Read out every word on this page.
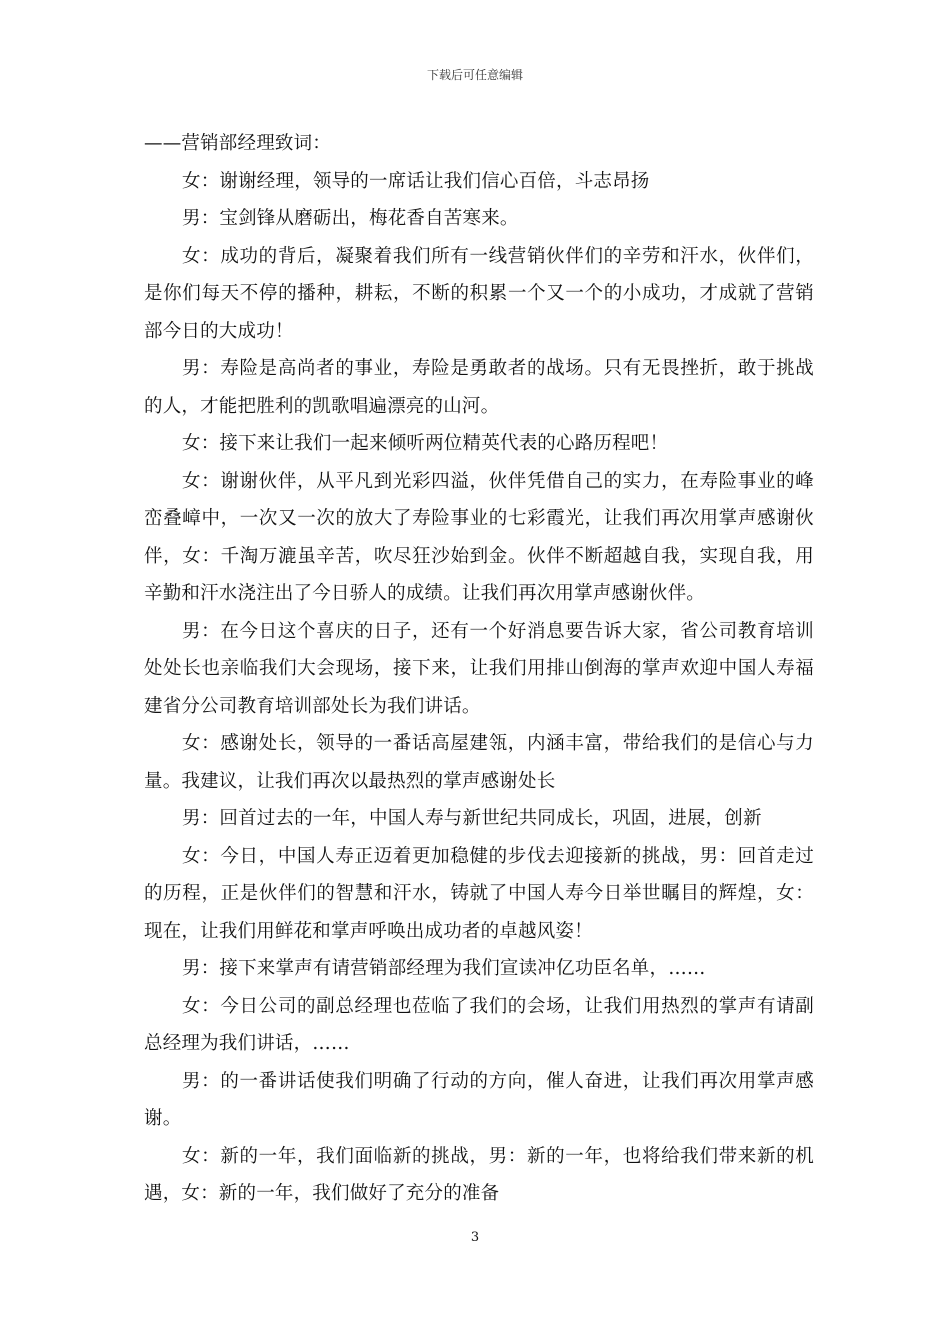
下载后可任意编辑

——营销部经理致词：

女：谢谢经理，领导的一席话让我们信心百倍，斗志昂扬

男：宝剑锋从磨砺出，梅花香自苦寒来。

女：成功的背后，凝聚着我们所有一线营销伙伴们的辛劳和汗水，伙伴们，是你们每天不停的播种，耕耘，不断的积累一个又一个的小成功，才成就了营销部今日的大成功！

男：寿险是高尚者的事业，寿险是勇敢者的战场。只有无畏挫折，敢于挑战的人，才能把胜利的凯歌唱遍漂亮的山河。

女：接下来让我们一起来倾听两位精英代表的心路历程吧！

女：谢谢伙伴，从平凡到光彩四溢，伙伴凭借自己的实力，在寿险事业的峰峦叠嶂中，一次又一次的放大了寿险事业的七彩霞光，让我们再次用掌声感谢伙伴，女：千淘万漉虽辛苦，吹尽狂沙始到金。伙伴不断超越自我，实现自我，用辛勤和汗水浇注出了今日骄人的成绩。让我们再次用掌声感谢伙伴。

男：在今日这个喜庆的日子，还有一个好消息要告诉大家，省公司教育培训处处长也亲临我们大会现场，接下来，让我们用排山倒海的掌声欢迎中国人寿福建省分公司教育培训部处长为我们讲话。

女：感谢处长，领导的一番话高屋建瓴，内涵丰富，带给我们的是信心与力量。我建议，让我们再次以最热烈的掌声感谢处长

男：回首过去的一年，中国人寿与新世纪共同成长，巩固，进展，创新

女：今日，中国人寿正迈着更加稳健的步伐去迎接新的挑战，男：回首走过的历程，正是伙伴们的智慧和汗水，铸就了中国人寿今日举世瞩目的辉煌，女：现在，让我们用鲜花和掌声呼唤出成功者的卓越风姿！

男：接下来掌声有请营销部经理为我们宣读冲亿功臣名单，……

女：今日公司的副总经理也莅临了我们的会场，让我们用热烈的掌声有请副总经理为我们讲话，……

男：的一番讲话使我们明确了行动的方向，催人奋进，让我们再次用掌声感谢。

女：新的一年，我们面临新的挑战，男：新的一年，也将给我们带来新的机遇，女：新的一年，我们做好了充分的准备

3
